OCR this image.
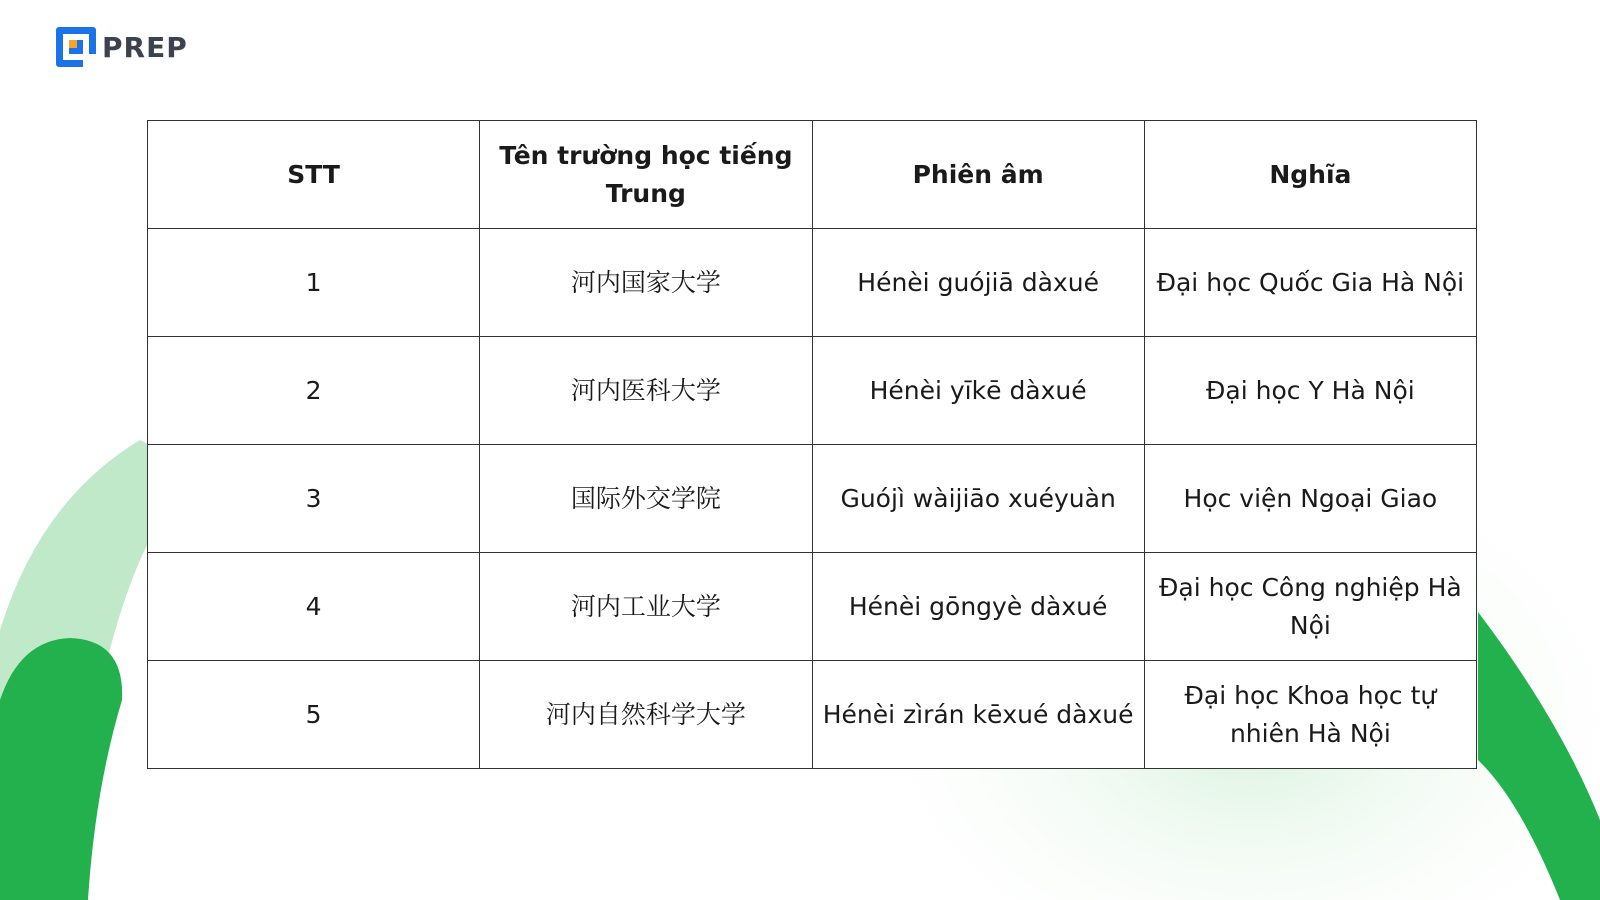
PREP
STT	Tên trường học tiếng Trung	Phiên âm	Nghĩa
1	河内国家大学	Hénèi guójiā dàxué	Đại học Quốc Gia Hà Nội
2	河内医科大学	Hénèi yīkē dàxué	Đại học Y Hà Nội
3	国际外交学院	Guójì wàijiāo xuéyuàn	Học viện Ngoại Giao
4	河内工业大学	Hénèi gōngyè dàxué	Đại học Công nghiệp Hà Nội
5	河内自然科学大学	Hénèi zìrán kēxué dàxué	Đại học Khoa học tự nhiên Hà Nội
